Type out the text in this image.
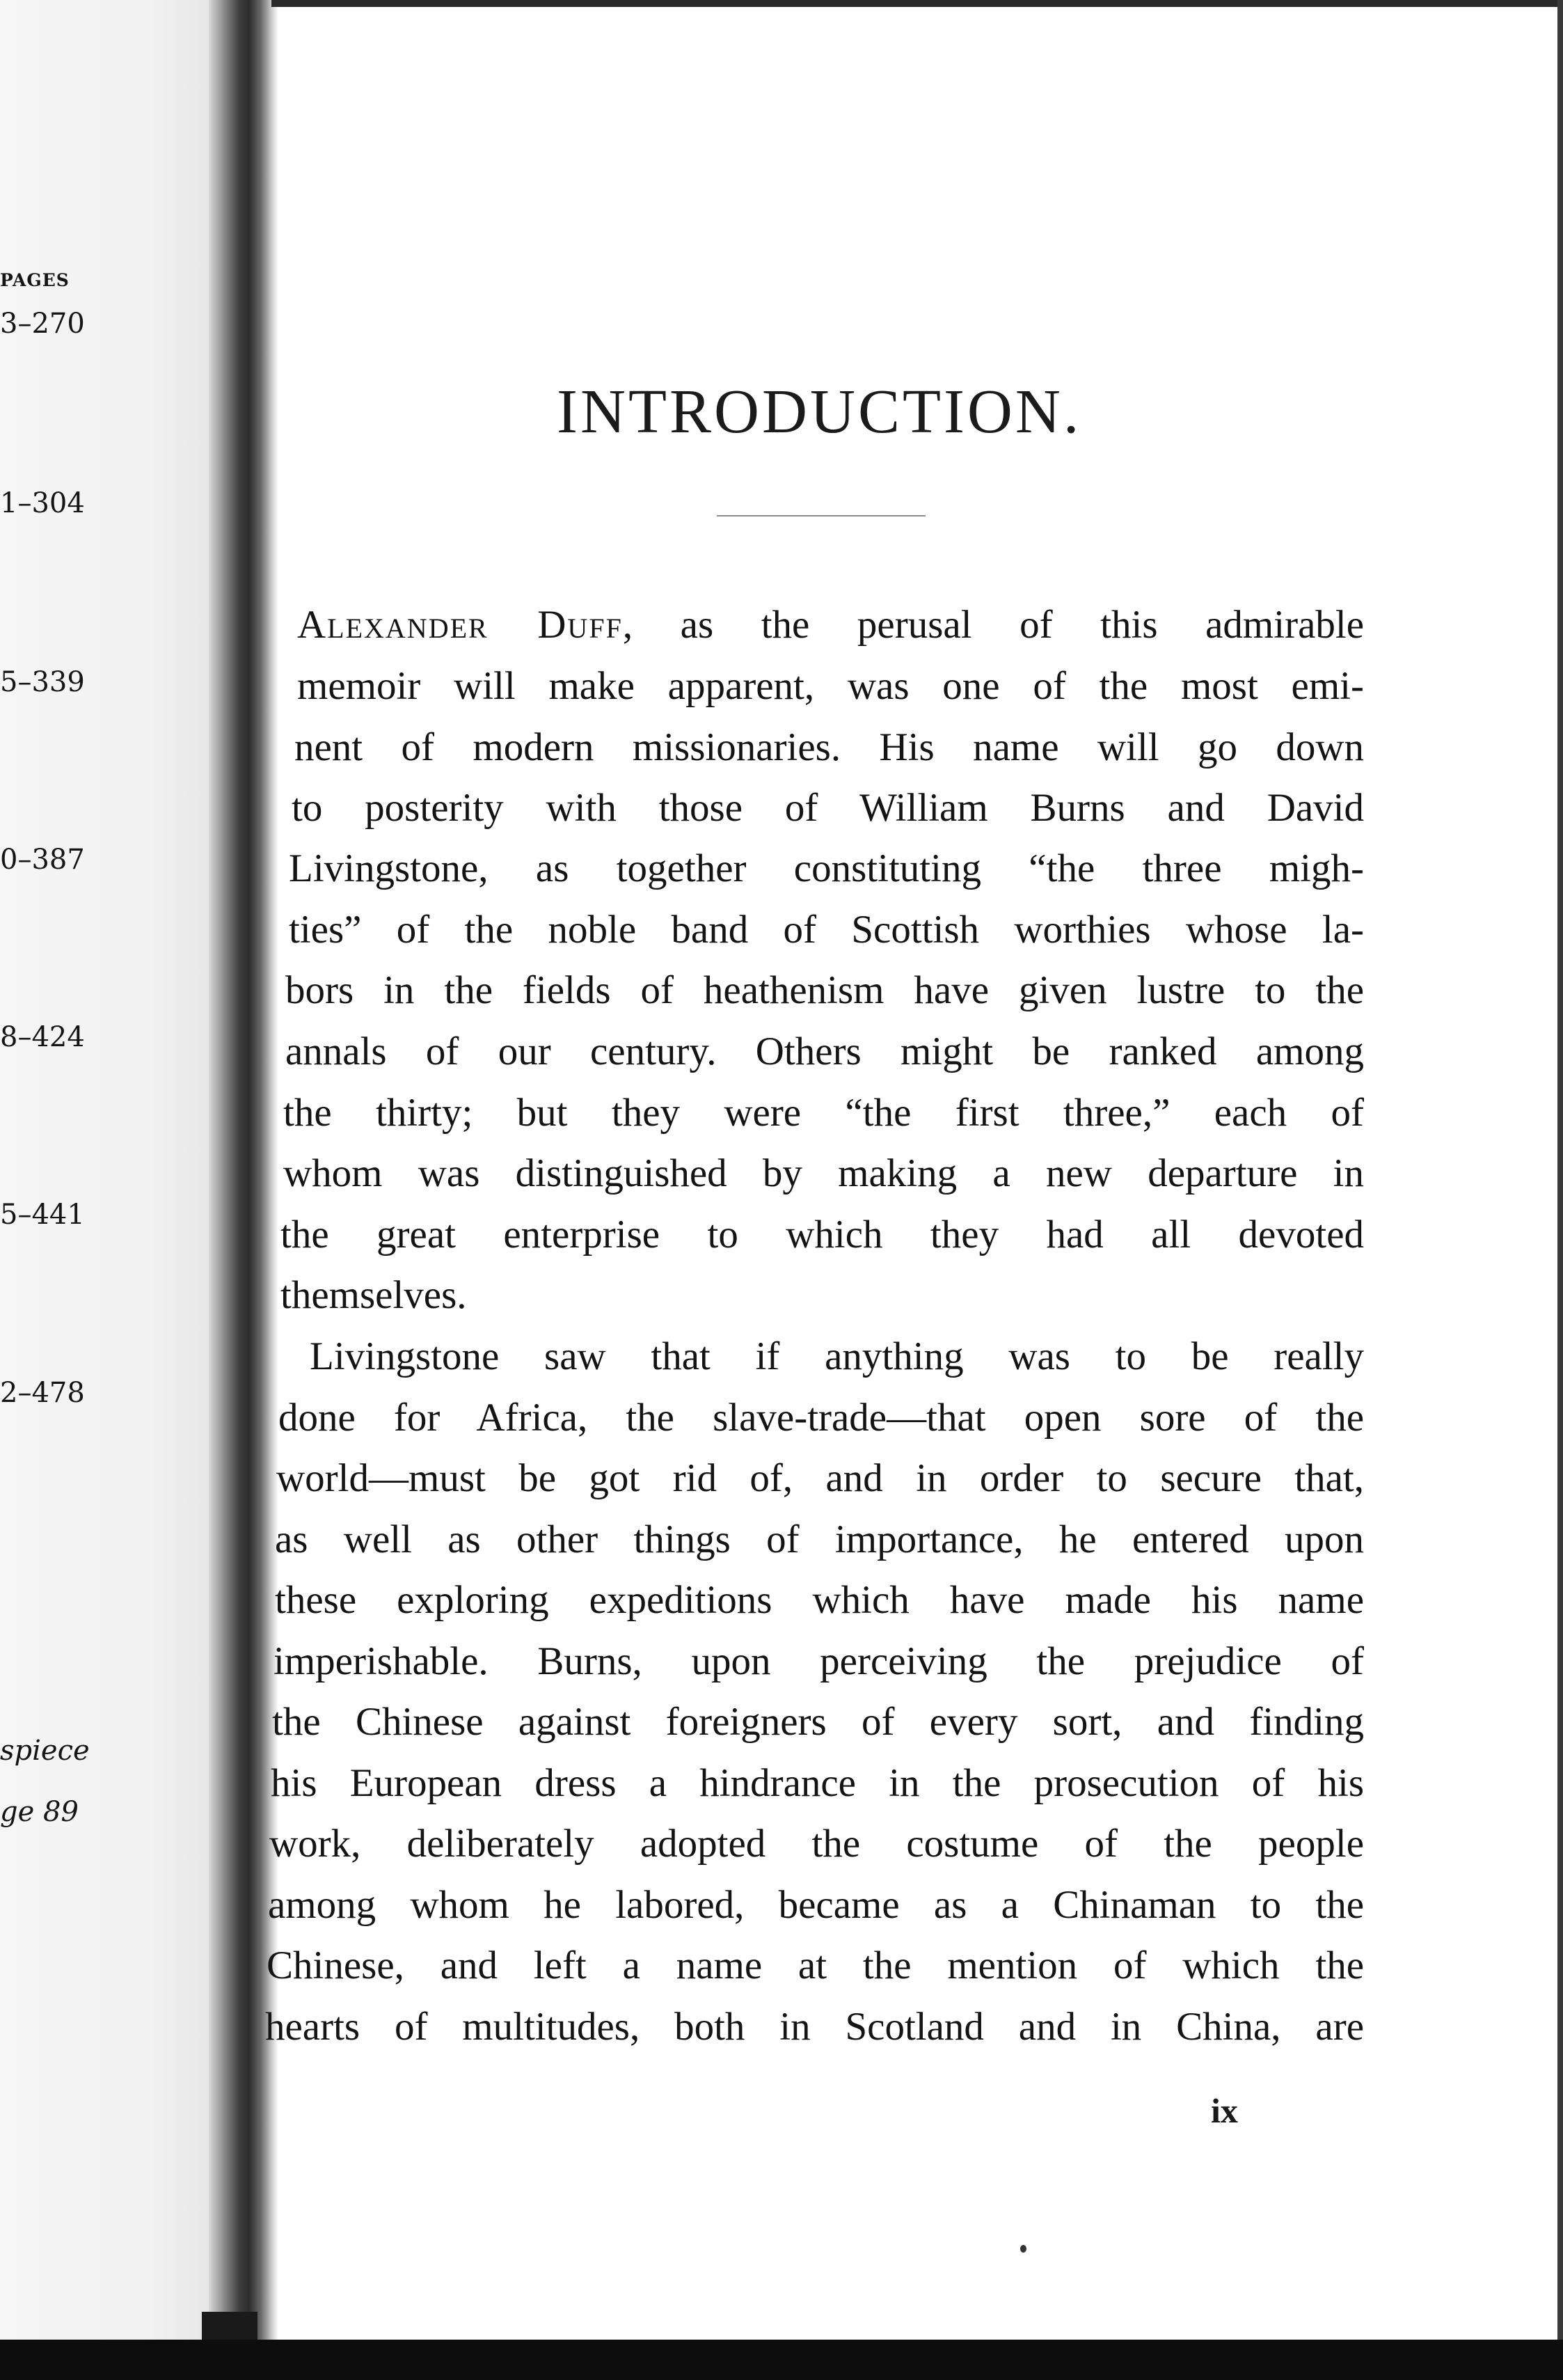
PAGES
3–270
1–304
5–339
0–387
8–424
5–441
2–478
spiece
ge 89
INTRODUCTION.
Alexander Duff, as the perusal of this admirable
memoir will make apparent, was one of the most emi-
nent of modern missionaries. His name will go down
to posterity with those of William Burns and David
Livingstone, as together constituting “the three migh-
ties” of the noble band of Scottish worthies whose la-
bors in the fields of heathenism have given lustre to the
annals of our century. Others might be ranked among
the thirty; but they were “the first three,” each of
whom was distinguished by making a new departure in
the great enterprise to which they had all devoted
themselves.
Livingstone saw that if anything was to be really
done for Africa, the slave-trade—that open sore of the
world—must be got rid of, and in order to secure that,
as well as other things of importance, he entered upon
these exploring expeditions which have made his name
imperishable. Burns, upon perceiving the prejudice of
the Chinese against foreigners of every sort, and finding
his European dress a hindrance in the prosecution of his
work, deliberately adopted the costume of the people
among whom he labored, became as a Chinaman to the
Chinese, and left a name at the mention of which the
hearts of multitudes, both in Scotland and in China, are
ix
